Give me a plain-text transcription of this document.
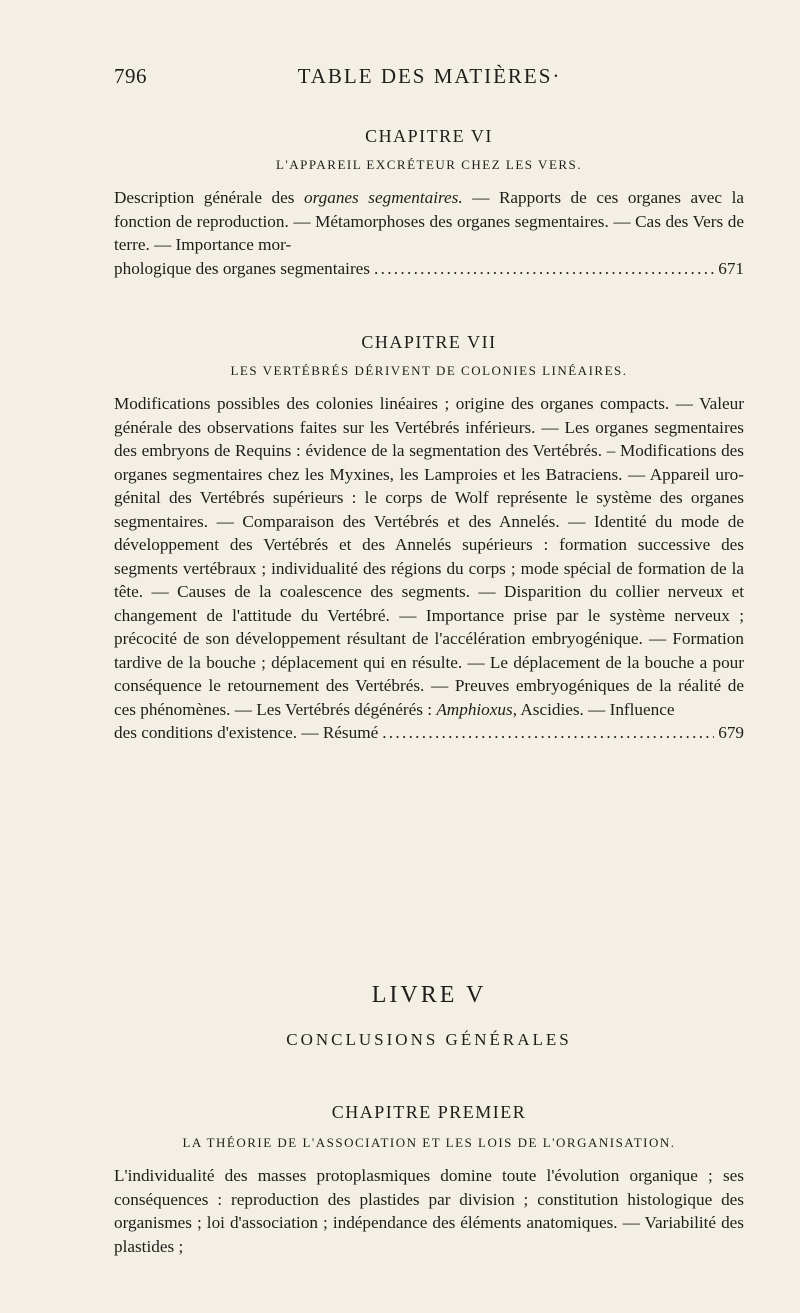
796	TABLE DES MATIÈRES·
CHAPITRE VI
L'APPAREIL EXCRÉTEUR CHEZ LES VERS.
Description générale des organes segmentaires. — Rapports de ces organes avec la fonction de reproduction. — Métamorphoses des organes segmentaires. — Cas des Vers de terre. — Importance mor-
phologique des organes segmentaires . . .	671
CHAPITRE VII
LES VERTÉBRÉS DÉRIVENT DE COLONIES LINÉAIRES.
Modifications possibles des colonies linéaires ; origine des organes compacts. — Valeur générale des observations faites sur les Vertébrés inférieurs. — Les organes segmentaires des embryons de Requins : évidence de la segmentation des Vertébrés. – Modifications des organes segmentaires chez les Myxines, les Lamproies et les Batraciens. — Appareil uro-génital des Vertébrés supérieurs : le corps de Wolf représente le système des organes segmentaires. — Comparaison des Vertébrés et des Annelés. — Identité du mode de développement des Vertébrés et des Annelés supérieurs : formation successive des segments vertébraux ; individualité des régions du corps ; mode spécial de formation de la tête. — Causes de la coalescence des segments. — Disparition du collier nerveux et changement de l'attitude du Vertébré. — Importance prise par le système nerveux ; précocité de son développement résultant de l'accélération embryogénique. — Formation tardive de la bouche ; déplacement qui en résulte. — Le déplacement de la bouche a pour conséquence le retournement des Vertébrés. — Preuves embryogéniques de la réalité de ces phénomènes. — Les Vertébrés dégénérés : Amphioxus, Ascidies. — Influence
des conditions d'existence. — Résumé . . .	679
LIVRE V
CONCLUSIONS GÉNÉRALES
CHAPITRE PREMIER
LA THÉORIE DE L'ASSOCIATION ET LES LOIS DE L'ORGANISATION.
L'individualité des masses protoplasmiques domine toute l'évolution organique ; ses conséquences : reproduction des plastides par division ; constitution histologique des organismes ; loi d'association ; indépendance des éléments anatomiques. — Variabilité des plastides ;
